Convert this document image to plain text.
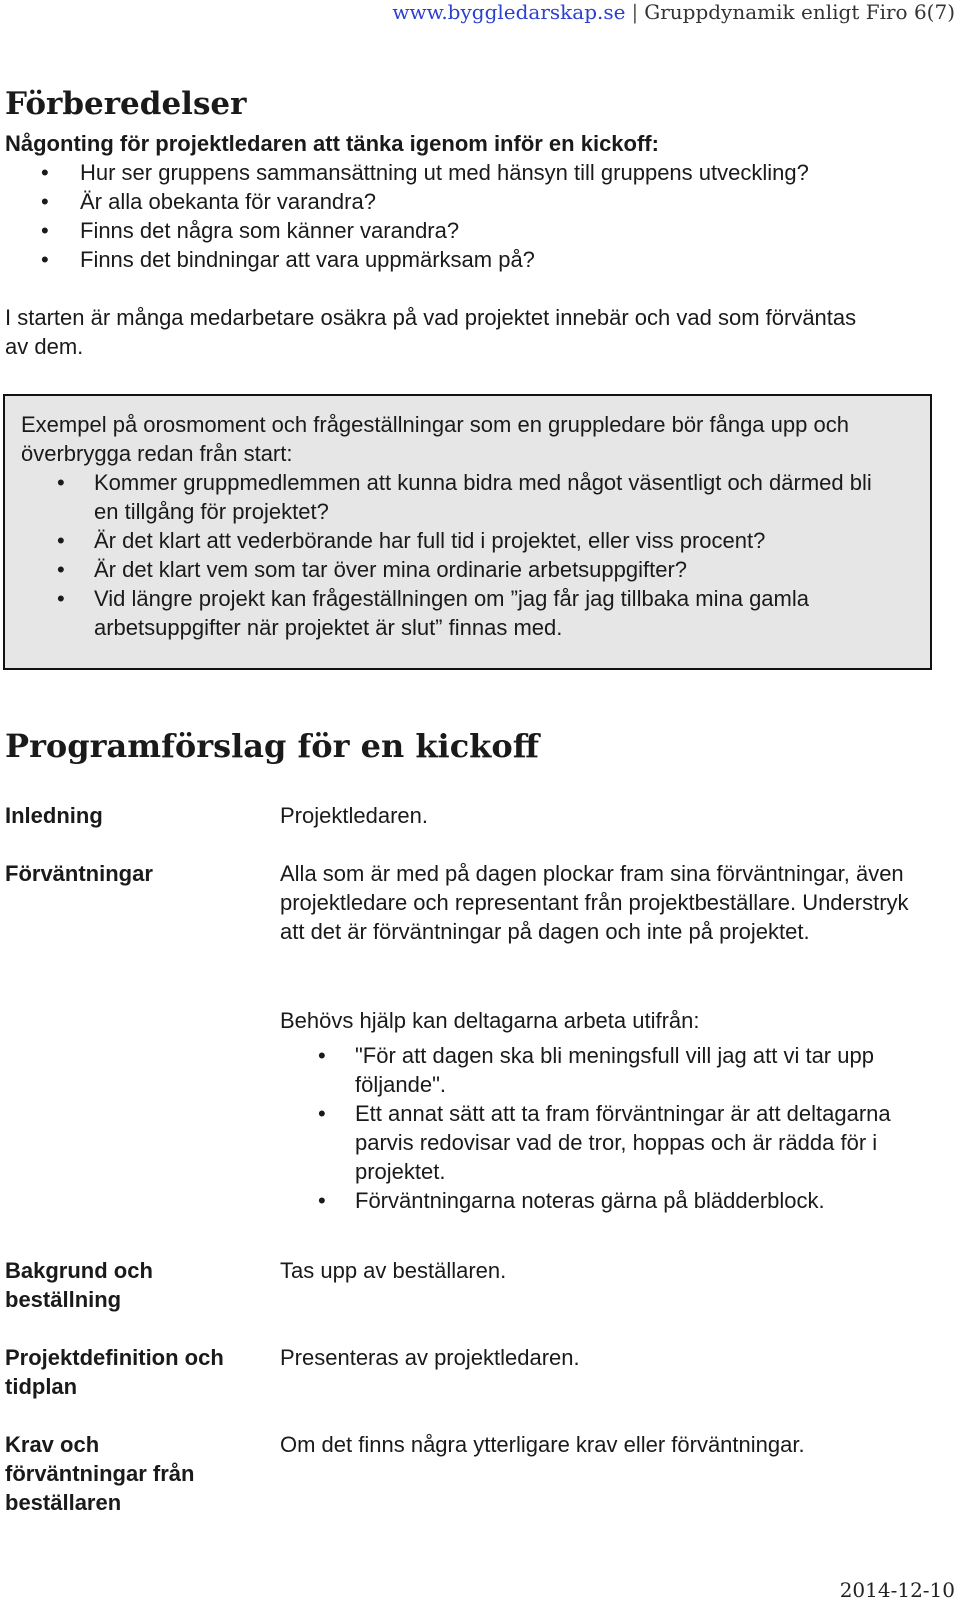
www.byggledarskap.se | Gruppdynamik enligt Firo 6(7)
Förberedelser
Någonting för projektledaren att tänka igenom inför en kickoff:
• Hur ser gruppens sammansättning ut med hänsyn till gruppens utveckling?
• Är alla obekanta för varandra?
• Finns det några som känner varandra?
• Finns det bindningar att vara uppmärksam på?
I starten är många medarbetare osäkra på vad projektet innebär och vad som förväntas av dem.
Exempel på orosmoment och frågeställningar som en gruppledare bör fånga upp och överbrygga redan från start:
• Kommer gruppmedlemmen att kunna bidra med något väsentligt och därmed bli en tillgång för projektet?
• Är det klart att vederbörande har full tid i projektet, eller viss procent?
• Är det klart vem som tar över mina ordinarie arbetsuppgifter?
• Vid längre projekt kan frågeställningen om ”jag får jag tillbaka mina gamla arbetsuppgifter när projektet är slut” finnas med.
Programförslag för en kickoff
Inledning	Projektledaren.
Förväntningar	Alla som är med på dagen plockar fram sina förväntningar, även projektledare och representant från projektbeställare. Understryk att det är förväntningar på dagen och inte på projektet.
Behövs hjälp kan deltagarna arbeta utifrån:
• "För att dagen ska bli meningsfull vill jag att vi tar upp följande".
• Ett annat sätt att ta fram förväntningar är att deltagarna parvis redovisar vad de tror, hoppas och är rädda för i projektet.
• Förväntningarna noteras gärna på blädderblock.
Bakgrund och beställning
Tas upp av beställaren.
Projektdefinition och tidplan
Presenteras av projektledaren.
Krav och förväntningar från beställaren
Om det finns några ytterligare krav eller förväntningar.
2014-12-10
